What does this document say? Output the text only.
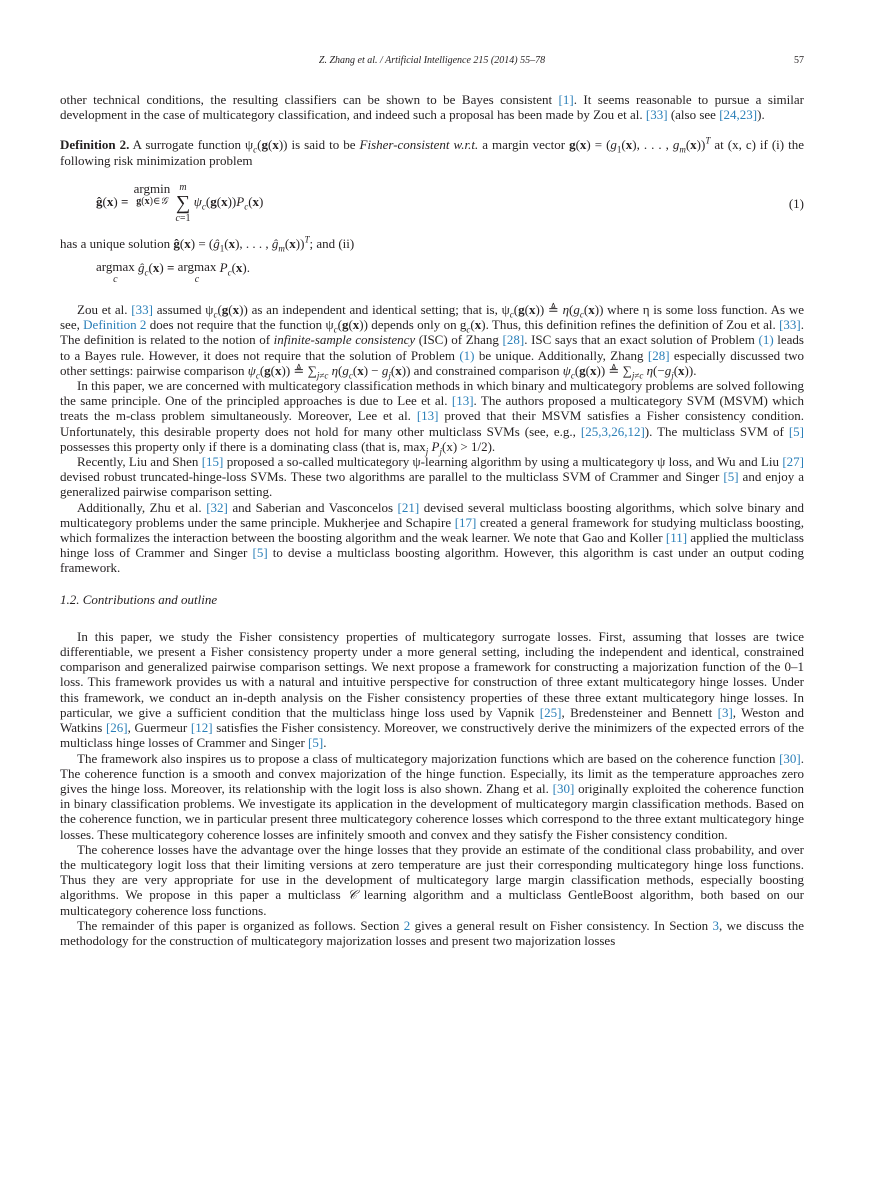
Z. Zhang et al. / Artificial Intelligence 215 (2014) 55–78	57

other technical conditions, the resulting classifiers can be shown to be Bayes consistent [1]. It seems reasonable to pursue a similar development in the case of multicategory classification, and indeed such a proposal has been made by Zou et al. [33] (also see [24,23]).

Definition 2. A surrogate function $\psi_c(g(x))$ is said to be Fisher-consistent w.r.t. a margin vector $g(x) = (g_1(x)$, . . . , $g_m(x))^T$ at (x, c) if (i) the following risk minimization problem

ĝ(x) = argmin
g(x)∈𝒢

m
∑
c=1
$\psi_c(g(x))P_c(x)$	(1)

has a unique solution ĝ(x) = ($ĝ_1(x)$, . . . , $ĝ_m(x))^T$; and (ii)

argmax
c
$ĝ_c(x) = argmax$
c
$P_c(x)$.

Zou et al. [33] assumed $\psi_c(g(x))$ as an independent and identical setting; that is, $\psi_c(g(x))$ ≜ $\eta(g_c(x))$ where η is some loss function. As we see, Definition 2 does not require that the function $\psi_c(g(x))$ depends only on $g_c(x)$. Thus, this definition refines the definition of Zou et al. [33]. The definition is related to the notion of infinite-sample consistency (ISC) of Zhang [28]. ISC says that an exact solution of Problem (1) leads to a Bayes rule. However, it does not require that the solution of Problem (1) be unique. Additionally, Zhang [28] especially discussed two other settings: pairwise comparison $\psi_c(g(x))$ ≜ $\sum_{j\ne c}$ $\eta(g_c(x) - g_j(x))$ and constrained comparison $\psi_c(g(x))$ ≜ $\sum_{j\ne c}$ $\eta(-g_j(x))$.

In this paper, we are concerned with multicategory classification methods in which binary and multicategory problems are solved following the same principle. One of the principled approaches is due to Lee et al. [13]. The authors proposed a multicategory SVM (MSVM) which treats the m-class problem simultaneously. Moreover, Lee et al. [13] proved that their MSVM satisfies a Fisher consistency condition. Unfortunately, this desirable property does not hold for many other multiclass SVMs (see, e.g., [25,3,26,12]). The multiclass SVM of [5] possesses this property only if there is a dominating class (that is, $\max_j P_j(x) > 1/2$).

Recently, Liu and Shen [15] proposed a so-called multicategory ψ-learning algorithm by using a multicategory ψ loss, and Wu and Liu [27] devised robust truncated-hinge-loss SVMs. These two algorithms are parallel to the multiclass SVM of Crammer and Singer [5] and enjoy a generalized pairwise comparison setting.

Additionally, Zhu et al. [32] and Saberian and Vasconcelos [21] devised several multiclass boosting algorithms, which solve binary and multicategory problems under the same principle. Mukherjee and Schapire [17] created a general framework for studying multiclass boosting, which formalizes the interaction between the boosting algorithm and the weak learner. We note that Gao and Koller [11] applied the multiclass hinge loss of Crammer and Singer [5] to devise a multiclass boosting algorithm. However, this algorithm is cast under an output coding framework.

1.2. Contributions and outline

In this paper, we study the Fisher consistency properties of multicategory surrogate losses. First, assuming that losses are twice differentiable, we present a Fisher consistency property under a more general setting, including the independent and identical, constrained comparison and generalized pairwise comparison settings. We next propose a framework for constructing a majorization function of the 0–1 loss. This framework provides us with a natural and intuitive perspective for construction of three extant multicategory hinge losses. Under this framework, we conduct an in-depth analysis on the Fisher consistency properties of these three extant multicategory hinge losses. In particular, we give a sufficient condition that the multiclass hinge loss used by Vapnik [25], Bredensteiner and Bennett [3], Weston and Watkins [26], Guermeur [12] satisfies the Fisher consistency. Moreover, we constructively derive the minimizers of the expected errors of the multiclass hinge losses of Crammer and Singer [5].

The framework also inspires us to propose a class of multicategory majorization functions which are based on the coherence function [30]. The coherence function is a smooth and convex majorization of the hinge function. Especially, its limit as the temperature approaches zero gives the hinge loss. Moreover, its relationship with the logit loss is also shown. Zhang et al. [30] originally exploited the coherence function in binary classification problems. We investigate its application in the development of multicategory margin classification methods. Based on the coherence function, we in particular present three multicategory coherence losses which correspond to the three extant multicategory hinge losses. These multicategory coherence losses are infinitely smooth and convex and they satisfy the Fisher consistency condition.

The coherence losses have the advantage over the hinge losses that they provide an estimate of the conditional class probability, and over the multicategory logit loss that their limiting versions at zero temperature are just their corresponding multicategory hinge loss functions. Thus they are very appropriate for use in the development of multicategory large margin classification methods, especially boosting algorithms. We propose in this paper a multiclass 𝒞 learning algorithm and a multiclass GentleBoost algorithm, both based on our multicategory coherence loss functions.

The remainder of this paper is organized as follows. Section 2 gives a general result on Fisher consistency. In Section 3, we discuss the methodology for the construction of multicategory majorization losses and present two majorization losses
